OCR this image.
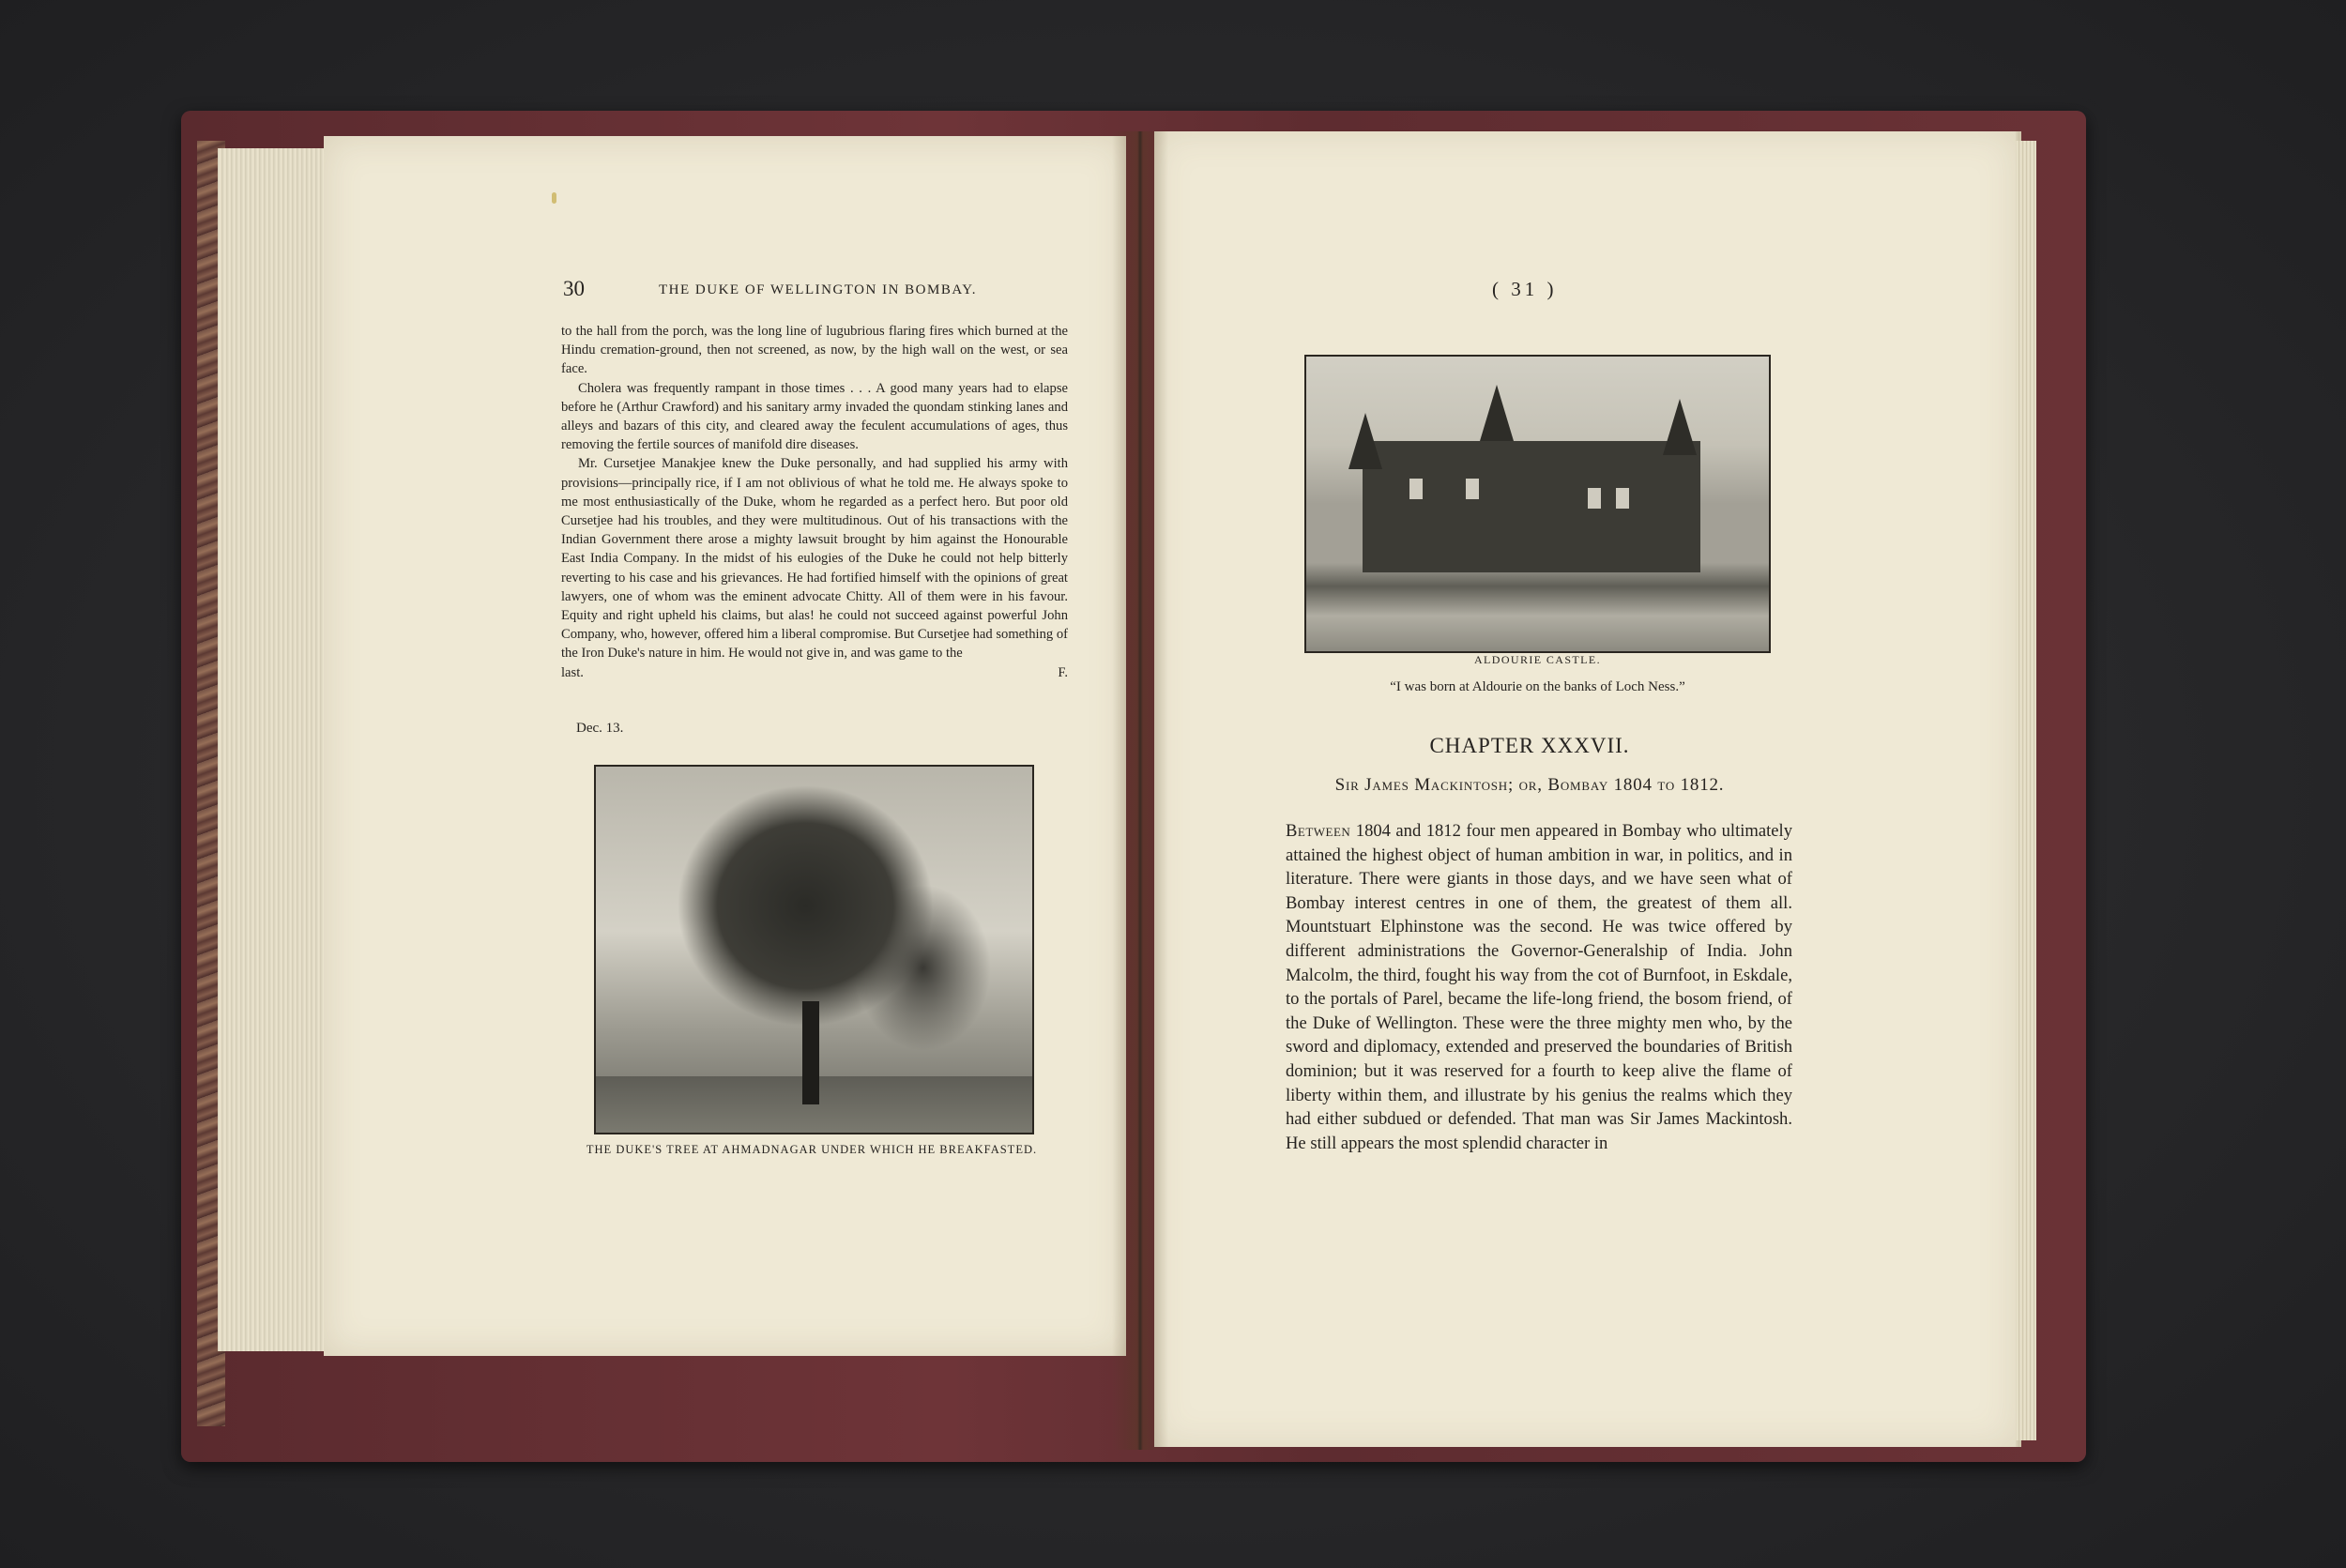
30	THE DUKE OF WELLINGTON IN BOMBAY.

to the hall from the porch, was the long line of lugubrious flaring fires which burned at the Hindu cremation-ground, then not screened, as now, by the high wall on the west, or sea face.

Cholera was frequently rampant in those times . . . A good many years had to elapse before he (Arthur Crawford) and his sanitary army invaded the quondam stinking lanes and alleys and bazars of this city, and cleared away the feculent accumulations of ages, thus removing the fertile sources of manifold dire diseases.

Mr. Cursetjee Manakjee knew the Duke personally, and had supplied his army with provisions—principally rice, if I am not oblivious of what he told me. He always spoke to me most enthusiastically of the Duke, whom he regarded as a perfect hero. But poor old Cursetjee had his troubles, and they were multitudinous. Out of his transactions with the Indian Government there arose a mighty lawsuit brought by him against the Honourable East India Company. In the midst of his eulogies of the Duke he could not help bitterly reverting to his case and his grievances. He had fortified himself with the opinions of great lawyers, one of whom was the eminent advocate Chitty. All of them were in his favour. Equity and right upheld his claims, but alas! he could not succeed against powerful John Company, who, however, offered him a liberal compromise. But Cursetjee had something of the Iron Duke's nature in him. He would not give in, and was game to the

last.	F.
Dec. 13.
THE DUKE'S TREE AT AHMADNAGAR UNDER WHICH HE BREAKFASTED.
( 31 )
ALDOURIE CASTLE.
“I was born at Aldourie on the banks of Loch Ness.”
CHAPTER XXXVII.
Sir James Mackintosh; or, Bombay 1804 to 1812.

Between 1804 and 1812 four men appeared in Bombay who ultimately attained the highest object of human ambition in war, in politics, and in literature. There were giants in those days, and we have seen what of Bombay interest centres in one of them, the greatest of them all. Mountstuart Elphinstone was the second. He was twice offered by different administrations the Governor-Generalship of India. John Malcolm, the third, fought his way from the cot of Burnfoot, in Eskdale, to the portals of Parel, became the life-long friend, the bosom friend, of the Duke of Wellington. These were the three mighty men who, by the sword and diplomacy, extended and preserved the boundaries of British dominion; but it was reserved for a fourth to keep alive the flame of liberty within them, and illustrate by his genius the realms which they had either subdued or defended. That man was Sir James Mackintosh. He still appears the most splendid character in
